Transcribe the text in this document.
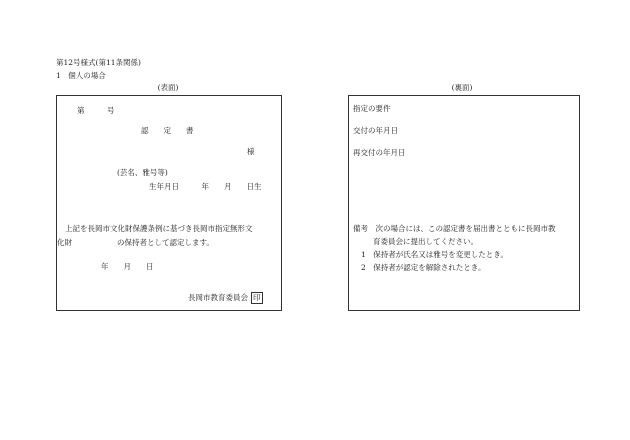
第12号様式(第11条関係)
1　個人の場合
(表面)	(裏面)
第　　　号
認　　定　　書
様
(芸名、雅号等)
生年月日　　　年　　月　　日生
上記を長岡市文化財保護条例に基づき長岡市指定無形文
化財　　　　　　の保持者として認定します。
年　　月　　日
長岡市教育委員会 印
指定の要件
交付の年月日
再交付の年月日
備考　次の場合には、この認定書を届出書とともに長岡市教
育委員会に提出してください。
1　保持者が氏名又は雅号を変更したとき。
2　保持者が認定を解除されたとき。
